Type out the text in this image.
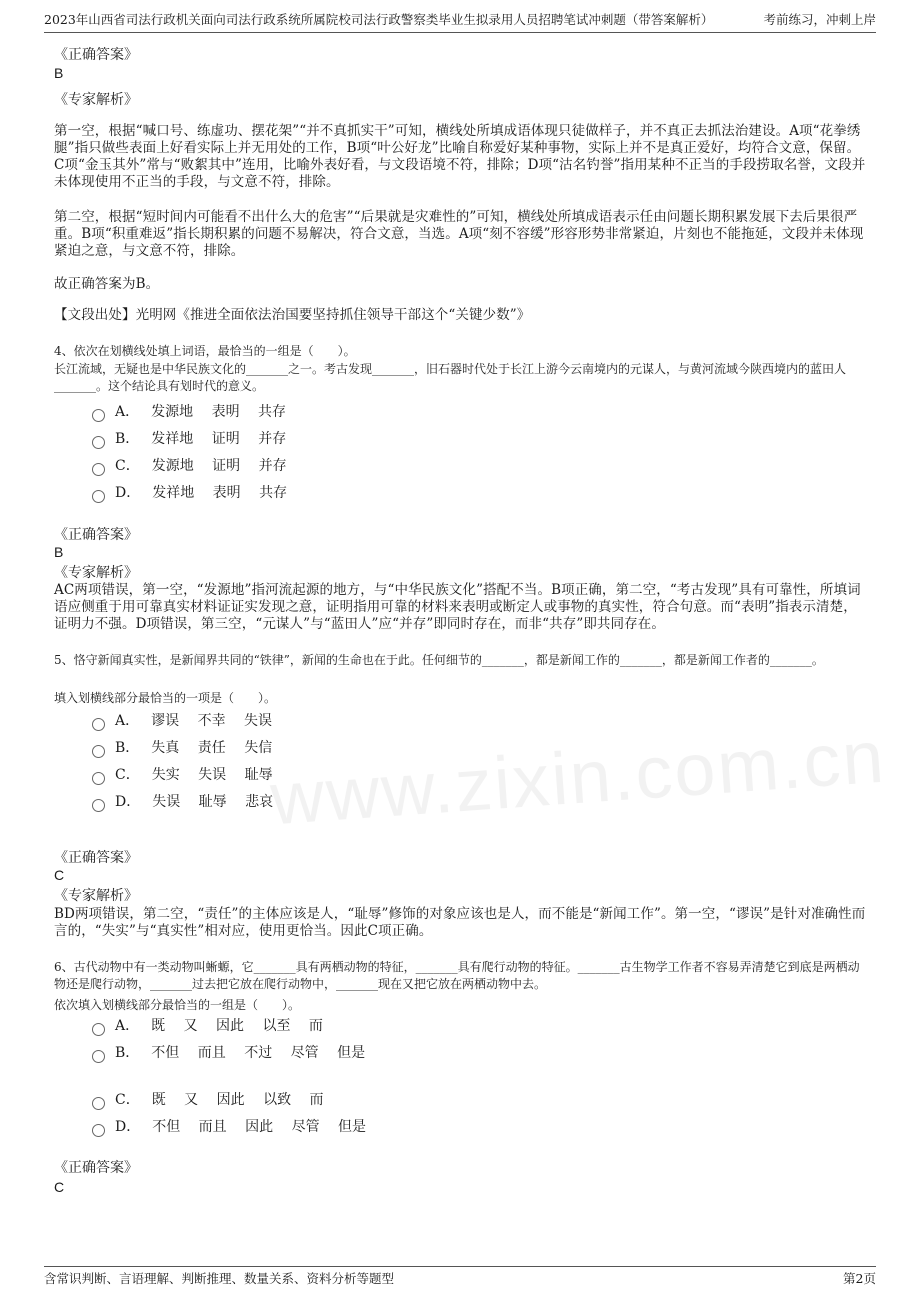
2023年山西省司法行政机关面向司法行政系统所属院校司法行政警察类毕业生拟录用人员招聘笔试冲刺题（带答案解析）	考前练习，冲刺上岸
www.zixin.com.cn
《正确答案》
B
《专家解析》
第一空，根据“喊口号、练虚功、摆花架”“并不真抓实干”可知，横线处所填成语体现只徒做样子，并不真正去抓法治建设。A项“花拳绣腿”指只做些表面上好看实际上并无用处的工作，B项“叶公好龙”比喻自称爱好某种事物，实际上并不是真正爱好，均符合文意，保留。C项“金玉其外”常与“败絮其中”连用，比喻外表好看，与文段语境不符，排除；D项“沽名钓誉”指用某种不正当的手段捞取名誉，文段并未体现使用不正当的手段，与文意不符，排除。
第二空，根据“短时间内可能看不出什么大的危害”“后果就是灾难性的”可知，横线处所填成语表示任由问题长期积累发展下去后果很严重。B项“积重难返”指长期积累的问题不易解决，符合文意，当选。A项“刻不容缓”形容形势非常紧迫，片刻也不能拖延，文段并未体现紧迫之意，与文意不符，排除。
故正确答案为B。
【文段出处】光明网《推进全面依法治国要坚持抓住领导干部这个“关键少数”》
4、依次在划横线处填上词语，最恰当的一组是（　　）。
长江流域，无疑也是中华民族文化的_______之一。考古发现_______，旧石器时代处于长江上游今云南境内的元谋人，与黄河流域今陕西境内的蓝田人_______。这个结论具有划时代的意义。
A． 发源地　 表明　 共存
B． 发祥地　 证明　 并存
C． 发源地　 证明　 并存
D． 发祥地　 表明　 共存
《正确答案》
B
《专家解析》
AC两项错误，第一空，“发源地”指河流起源的地方，与“中华民族文化”搭配不当。B项正确，第二空，“考古发现”具有可靠性，所填词语应侧重于用可靠真实材料证证实发现之意，证明指用可靠的材料来表明或断定人或事物的真实性，符合句意。而“表明”指表示清楚，证明力不强。D项错误，第三空，“元谋人”与“蓝田人”应“并存”即同时存在，而非“共存”即共同存在。
5、恪守新闻真实性，是新闻界共同的“铁律”，新闻的生命也在于此。任何细节的_______，都是新闻工作的_______，都是新闻工作者的_______。
填入划横线部分最恰当的一项是（　　）。
A． 谬误　 不幸　 失误
B． 失真　 责任　 失信
C． 失实　 失误　 耻辱
D． 失误　 耻辱　 悲哀
《正确答案》
C
《专家解析》
BD两项错误，第二空，“责任”的主体应该是人，“耻辱”修饰的对象应该也是人，而不能是“新闻工作”。第一空，“谬误”是针对准确性而言的，“失实”与“真实性”相对应，使用更恰当。因此C项正确。
6、古代动物中有一类动物叫蜥螈，它_______具有两栖动物的特征，_______具有爬行动物的特征。_______古生物学工作者不容易弄清楚它到底是两栖动物还是爬行动物，_______过去把它放在爬行动物中，_______现在又把它放在两栖动物中去。
依次填入划横线部分最恰当的一组是（　　）。
A． 既　 又　 因此　 以至　 而
B． 不但　 而且　 不过　 尽管　 但是
C． 既　 又　 因此　 以致　 而
D． 不但　 而且　 因此　 尽管　 但是
《正确答案》
C
含常识判断、言语理解、判断推理、数量关系、资料分析等题型	第2页
